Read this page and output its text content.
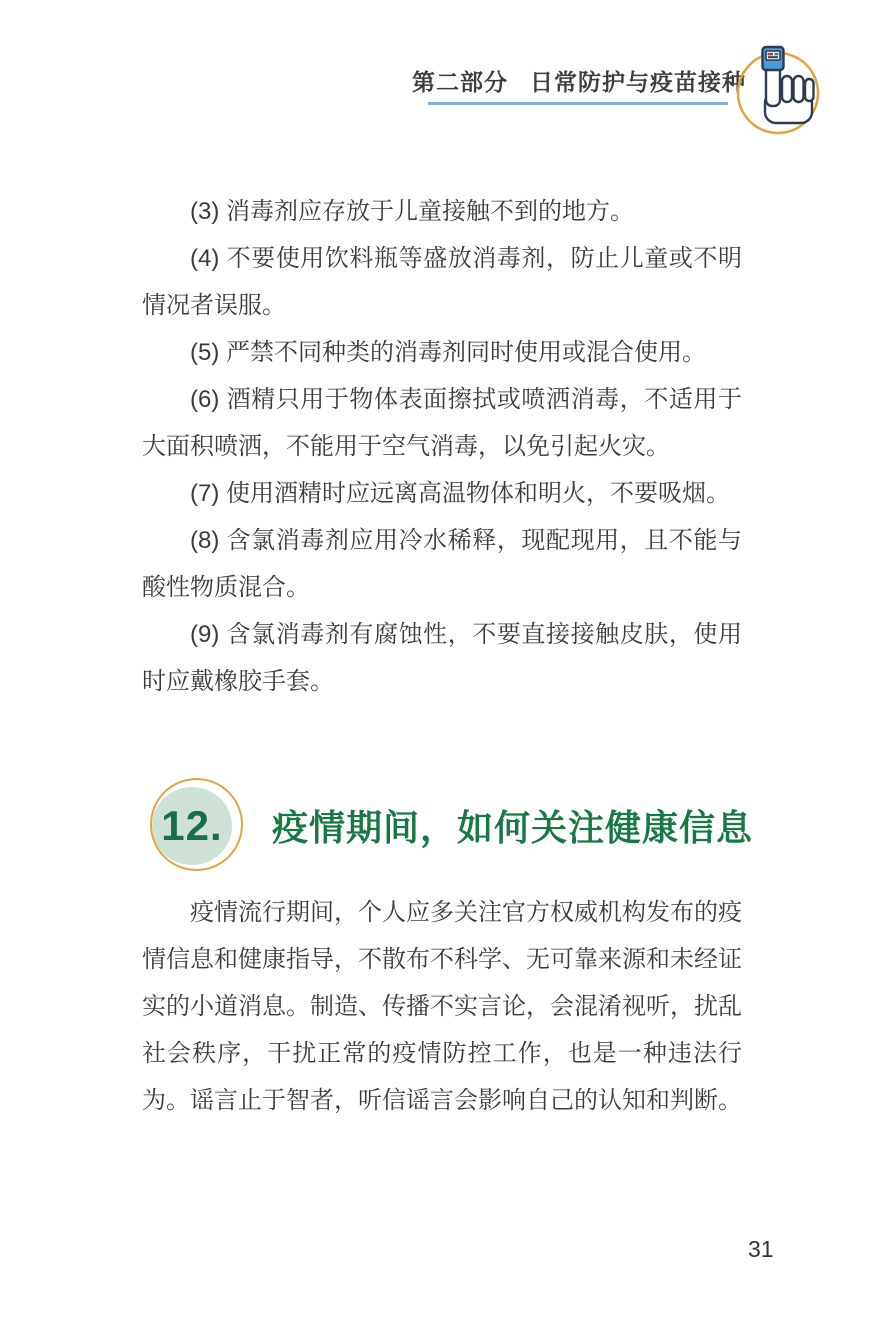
第二部分 日常防护与疫苗接种

(3) 消毒剂应存放于儿童接触不到的地方。

(4) 不要使用饮料瓶等盛放消毒剂，防止儿童或不明情况者误服。

(5) 严禁不同种类的消毒剂同时使用或混合使用。

(6) 酒精只用于物体表面擦拭或喷洒消毒，不适用于大面积喷洒，不能用于空气消毒，以免引起火灾。

(7) 使用酒精时应远离高温物体和明火，不要吸烟。

(8) 含氯消毒剂应用冷水稀释，现配现用，且不能与酸性物质混合。

(9) 含氯消毒剂有腐蚀性，不要直接接触皮肤，使用时应戴橡胶手套。

12. 疫情期间，如何关注健康信息

疫情流行期间，个人应多关注官方权威机构发布的疫情信息和健康指导，不散布不科学、无可靠来源和未经证实的小道消息。制造、传播不实言论，会混淆视听，扰乱社会秩序，干扰正常的疫情防控工作，也是一种违法行为。谣言止于智者，听信谣言会影响自己的认知和判断。

31
